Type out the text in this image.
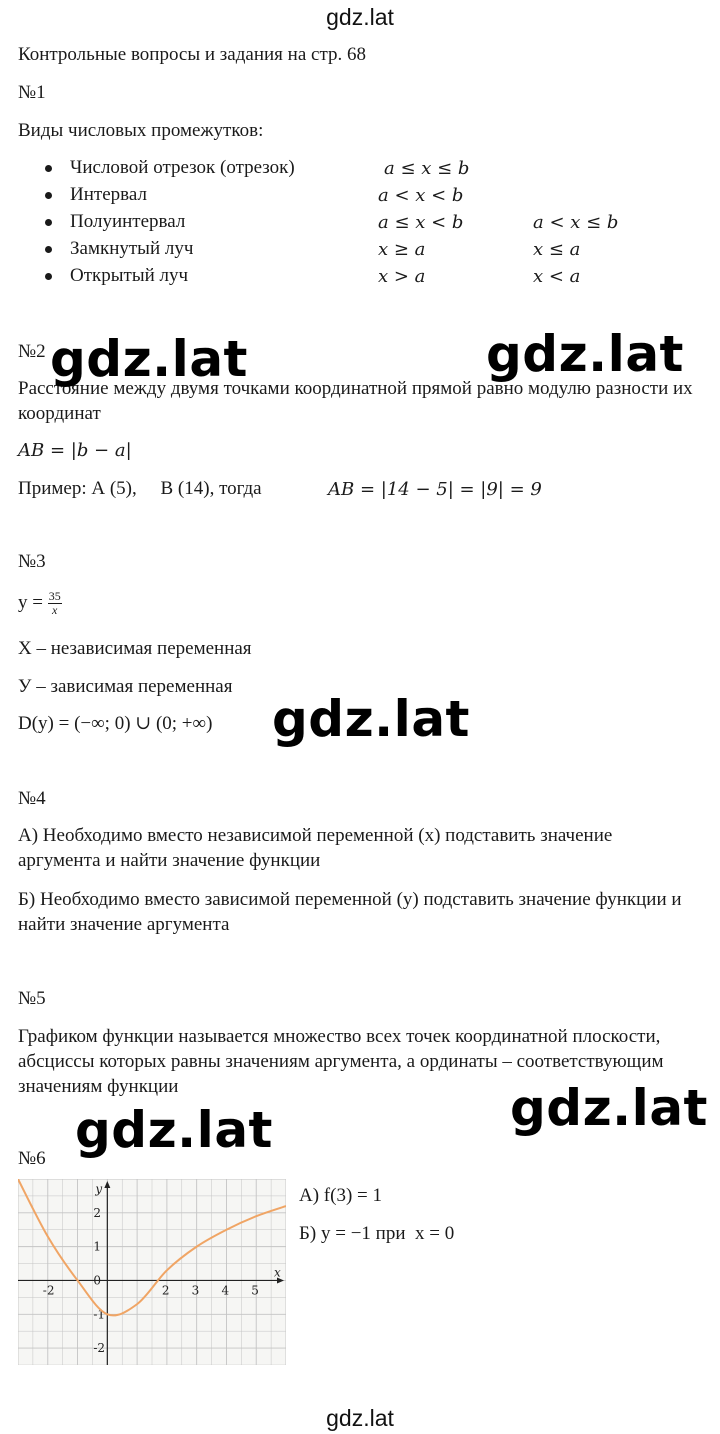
gdz.lat
Контрольные вопросы и задания на стр. 68
№1
Виды числовых промежутков:
Числовой отрезок (отрезок)	a ≤ x ≤ b
Интервал	a < x < b
Полуинтервал	a ≤ x < b	a < x ≤ b
Замкнутый луч	x ≥ a	x ≤ a
Открытый луч	x > a	x < a
№2
Расстояние между двумя точками координатной прямой равно модулю разности их координат
AB = |b − a|
Пример: А (5),     В (14), тогда	AB = |14 − 5| = |9| = 9
№3
$y = \frac{35}{x}$
Х – независимая переменная
У – зависимая переменная
D(y) = (−∞; 0) ∪ (0; +∞)
№4
А) Необходимо вместо независимой переменной (х) подставить значение аргумента и найти значение функции
Б) Необходимо вместо зависимой переменной (у) подставить значение функции и найти значение аргумента
№5
Графиком функции называется множество всех точек координатной плоскости, абсциссы которых равны значениям аргумента, а ординаты – соответствующим значениям функции
№6
А) f(3) = 1
Б) y = −1 при  x = 0
x
y
-2	2 3 4 5
2
1
0
-1
-2
gdz.lat	gdz.lat
gdz.lat
gdz.lat
gdz.lat
gdz.lat
